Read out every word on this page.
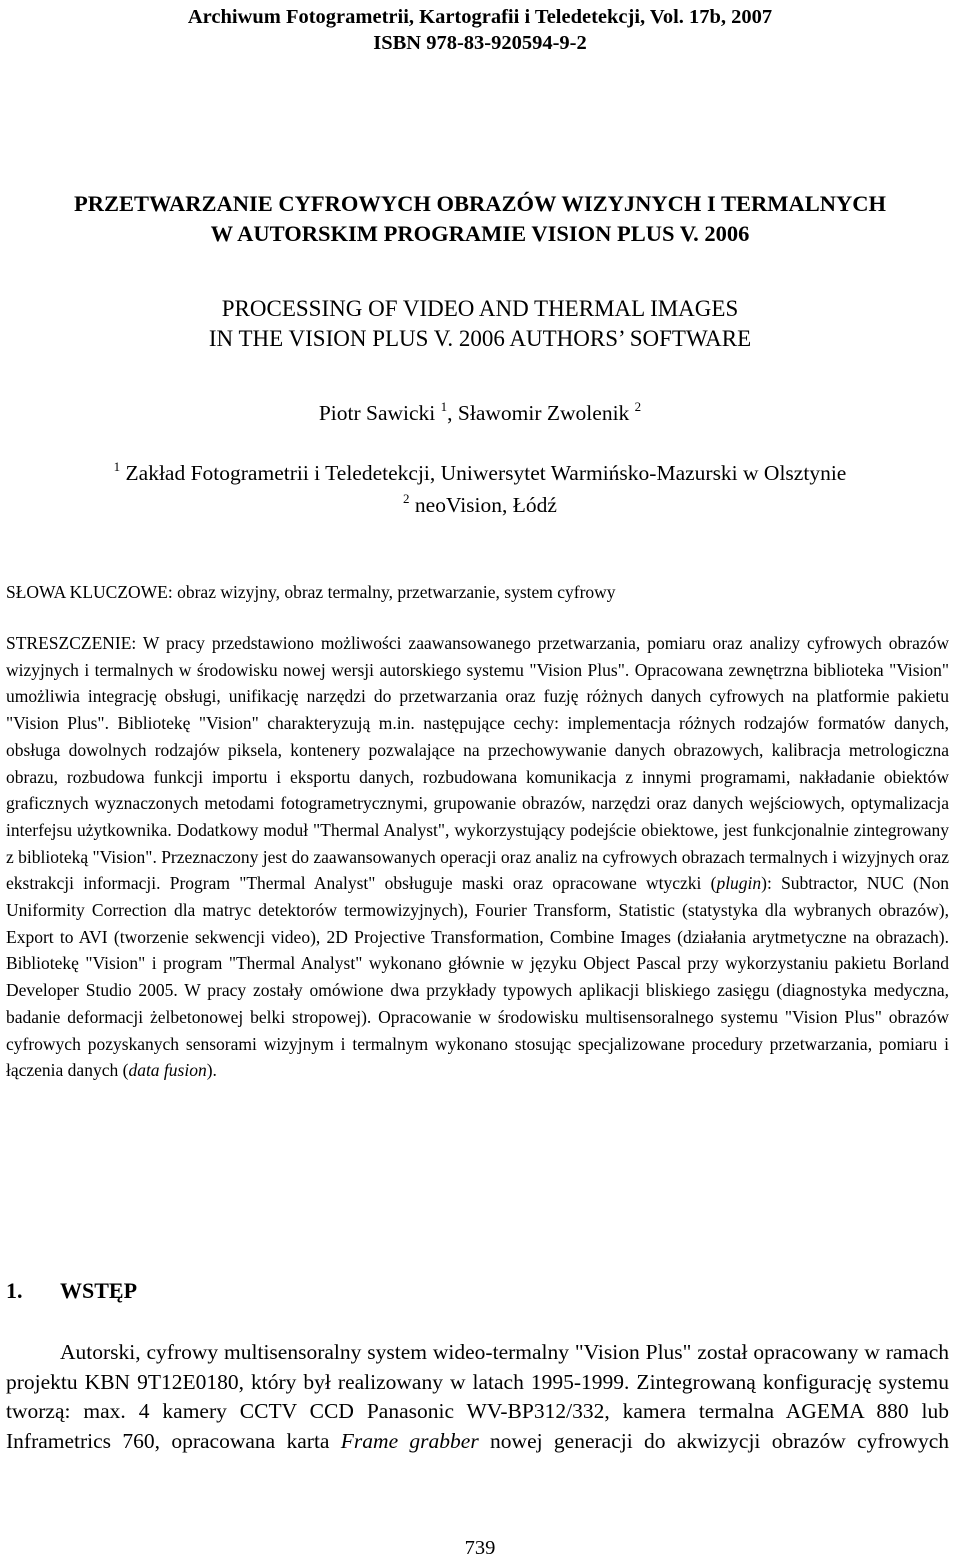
Archiwum Fotogrametrii, Kartografii i Teledetekcji, Vol. 17b, 2007
ISBN 978-83-920594-9-2
PRZETWARZANIE CYFROWYCH OBRAZÓW WIZYJNYCH I TERMALNYCH
W AUTORSKIM PROGRAMIE VISION PLUS V. 2006
PROCESSING OF VIDEO AND THERMAL IMAGES
IN THE VISION PLUS V. 2006 AUTHORS’ SOFTWARE
Piotr Sawicki $^1$, Sławomir Zwolenik $^2$
$^1$ Zakład Fotogrametrii i Teledetekcji, Uniwersytet Warmińsko-Mazurski w Olsztynie
$^2$ neoVision, Łódź
SŁOWA KLUCZOWE: obraz wizyjny, obraz termalny, przetwarzanie, system cyfrowy

STRESZCZENIE: W pracy przedstawiono możliwości zaawansowanego przetwarzania, pomiaru oraz analizy cyfrowych obrazów wizyjnych i termalnych w środowisku nowej wersji autorskiego systemu "Vision Plus". Opracowana zewnętrzna biblioteka "Vision" umożliwia integrację obsługi, unifikację narzędzi do przetwarzania oraz fuzję różnych danych cyfrowych na platformie pakietu "Vision Plus". Bibliotekę "Vision" charakteryzują m.in. następujące cechy: implementacja różnych rodzajów formatów danych, obsługa dowolnych rodzajów piksela, kontenery pozwalające na przechowywanie danych obrazowych, kalibracja metrologiczna obrazu, rozbudowa funkcji importu i eksportu danych, rozbudowana komunikacja z innymi programami, nakładanie obiektów graficznych wyznaczonych metodami fotogrametrycznymi, grupowanie obrazów, narzędzi oraz danych wejściowych, optymalizacja interfejsu użytkownika. Dodatkowy moduł "Thermal Analyst", wykorzystujący podejście obiektowe, jest funkcjonalnie zintegrowany z biblioteką "Vision". Przeznaczony jest do zaawansowanych operacji oraz analiz na cyfrowych obrazach termalnych i wizyjnych oraz ekstrakcji informacji. Program "Thermal Analyst" obsługuje maski oraz opracowane wtyczki (plugin): Subtractor, NUC (Non Uniformity Correction dla matryc detektorów termowizyjnych), Fourier Transform, Statistic (statystyka dla wybranych obrazów), Export to AVI (tworzenie sekwencji video), 2D Projective Transformation, Combine Images (działania arytmetyczne na obrazach). Bibliotekę "Vision" i program "Thermal Analyst" wykonano głównie w języku Object Pascal przy wykorzystaniu pakietu Borland Developer Studio 2005. W pracy zostały omówione dwa przykłady typowych aplikacji bliskiego zasięgu (diagnostyka medyczna, badanie deformacji żelbetonowej belki stropowej). Opracowanie w środowisku multisensoralnego systemu "Vision Plus" obrazów cyfrowych pozyskanych sensorami wizyjnym i termalnym wykonano stosując specjalizowane procedury przetwarzania, pomiaru i łączenia danych (data fusion).

1. WSTĘP

Autorski, cyfrowy multisensoralny system wideo-termalny "Vision Plus" został opracowany w ramach projektu KBN 9T12E0180, który był realizowany w latach 1995-1999. Zintegrowaną konfigurację systemu tworzą: max. 4 kamery CCTV CCD Panasonic WV-BP312/332, kamera termalna AGEMA 880 lub Inframetrics 760, opracowana karta Frame grabber nowej generacji do akwizycji obrazów cyfrowych

739
